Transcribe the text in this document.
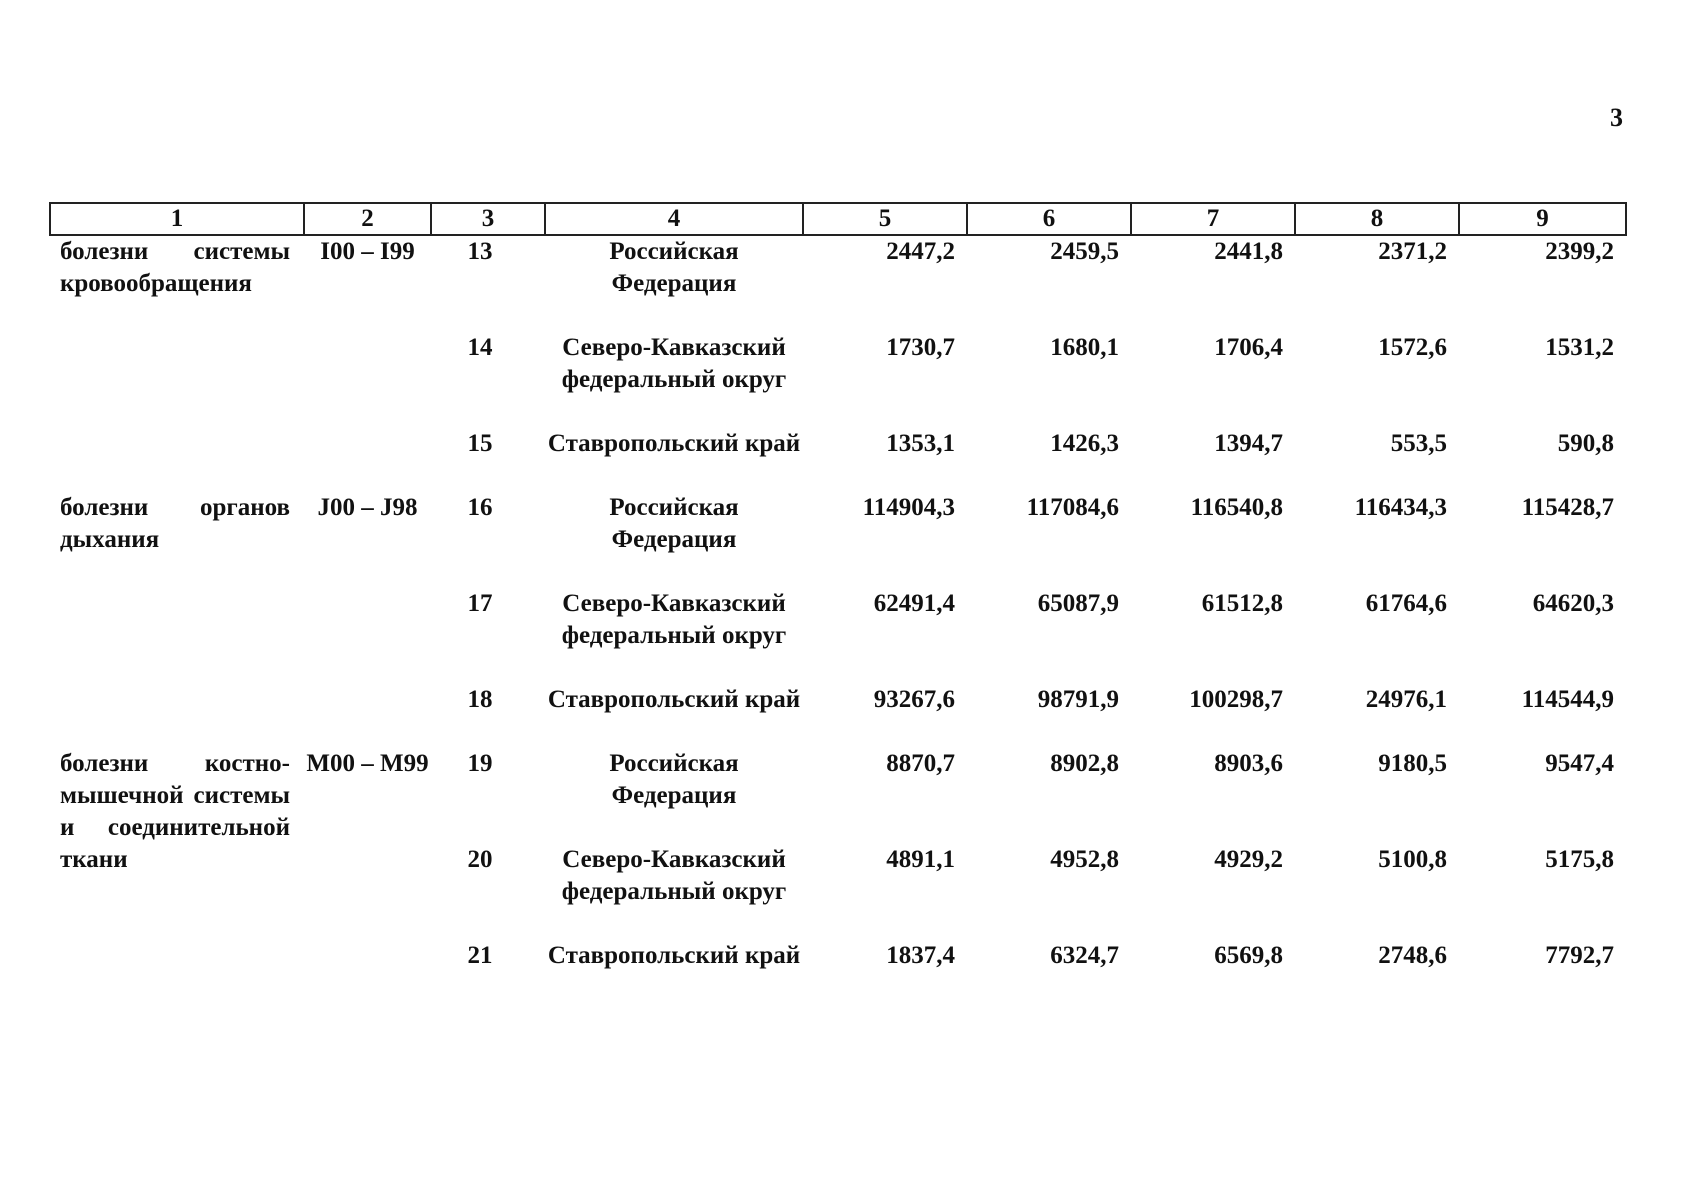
3
1	2	3	4	5	6	7	8	9
болезни системы кровообращения	I00 – I99	13	Российская Федерация	2447,2	2459,5	2441,8	2371,2	2399,2

		14	Северо-Кавказский федеральный округ	1730,7	1680,1	1706,4	1572,6	1531,2

		15	Ставропольский край	1353,1	1426,3	1394,7	553,5	590,8

болезни органов дыхания	J00 – J98	16	Российская Федерация	114904,3	117084,6	116540,8	116434,3	115428,7

		17	Северо-Кавказский федеральный округ	62491,4	65087,9	61512,8	61764,6	64620,3

		18	Ставропольский край	93267,6	98791,9	100298,7	24976,1	114544,9

болезни костно-мышечной системы и соединительной ткани	M00 – M99	19	Российская Федерация	8870,7	8902,8	8903,6	9180,5	9547,4

		20	Северо-Кавказский федеральный округ	4891,1	4952,8	4929,2	5100,8	5175,8

		21	Ставропольский край	1837,4	6324,7	6569,8	2748,6	7792,7
